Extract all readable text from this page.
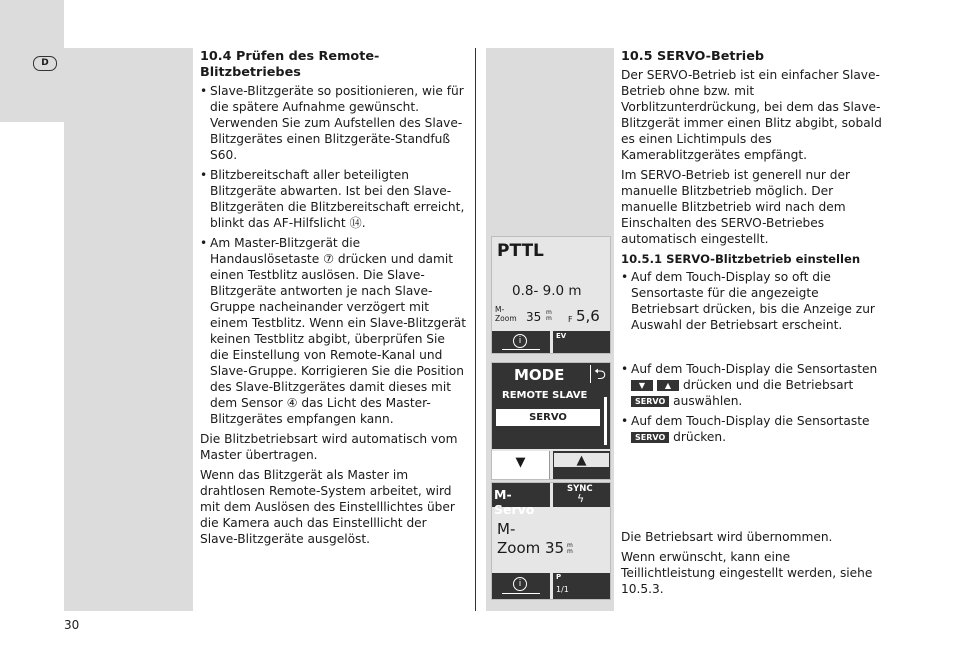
D	10.4 Prüfen des Remote-Blitzbetriebes
• Slave-Blitzgeräte so positionieren, wie für die spätere Aufnahme gewünscht. Verwenden Sie zum Aufstellen des Slave-Blitzgerätes einen Blitzgeräte-Standfuß S60.
• Blitzbereitschaft aller beteiligten Blitzgeräte abwarten. Ist bei den Slave-Blitzgeräten die Blitzbereitschaft erreicht, blinkt das AF-Hilfslicht ⑭.
• Am Master-Blitzgerät die Handauslösetaste ⑦ drücken und damit einen Testblitz auslösen. Die Slave-Blitzgeräte antworten je nach Slave-Gruppe nacheinander verzögert mit einem Testblitz. Wenn ein Slave-Blitzgerät keinen Testblitz abgibt, überprüfen Sie die Einstellung von Remote-Kanal und Slave-Gruppe. Korrigieren Sie die Position des Slave-Blitzgerätes damit dieses mit dem Sensor ④ das Licht des Master-Blitzgerätes empfangen kann.

Die Blitzbetriebsart wird automatisch vom Master übertragen.

Wenn das Blitzgerät als Master im drahtlosen Remote-System arbeitet, wird mit dem Auslösen des Einstelllichtes über die Kamera auch das Einstelllicht der Slave-Blitzgeräte ausgelöst.

PTTL
0.8- 9.0 m
M-
Zoom 35 m
m F 5,6
i	EV
MODE ⮌
REMOTE SLAVE
SERVO
▼	▲
M-Servo
SYNC
ϟ
M-
Zoom 35 m
m
i
P
1/1
10.5 SERVO-Betrieb

Der SERVO-Betrieb ist ein einfacher Slave-Betrieb ohne bzw. mit Vorblitzunterdrückung, bei dem das Slave-Blitzgerät immer einen Blitz abgibt, sobald es einen Lichtimpuls des Kamerablitzgerätes empfängt.

Im SERVO-Betrieb ist generell nur der manuelle Blitzbetrieb möglich. Der manuelle Blitzbetrieb wird nach dem Einschalten des SERVO-Betriebes automatisch eingestellt.

10.5.1 SERVO-Blitzbetrieb einstellen
• Auf dem Touch-Display so oft die Sensortaste für die angezeigte Betriebsart drücken, bis die Anzeige zur Auswahl der Betriebsart erscheint.
• Auf dem Touch-Display die Sensortasten
▼ ▲ drücken und die Betriebsart
SERVO auswählen.
• Auf dem Touch-Display die Sensortaste
SERVO drücken.

Die Betriebsart wird übernommen.

Wenn erwünscht, kann eine Teillichtleistung eingestellt werden, siehe 10.5.3.

30
